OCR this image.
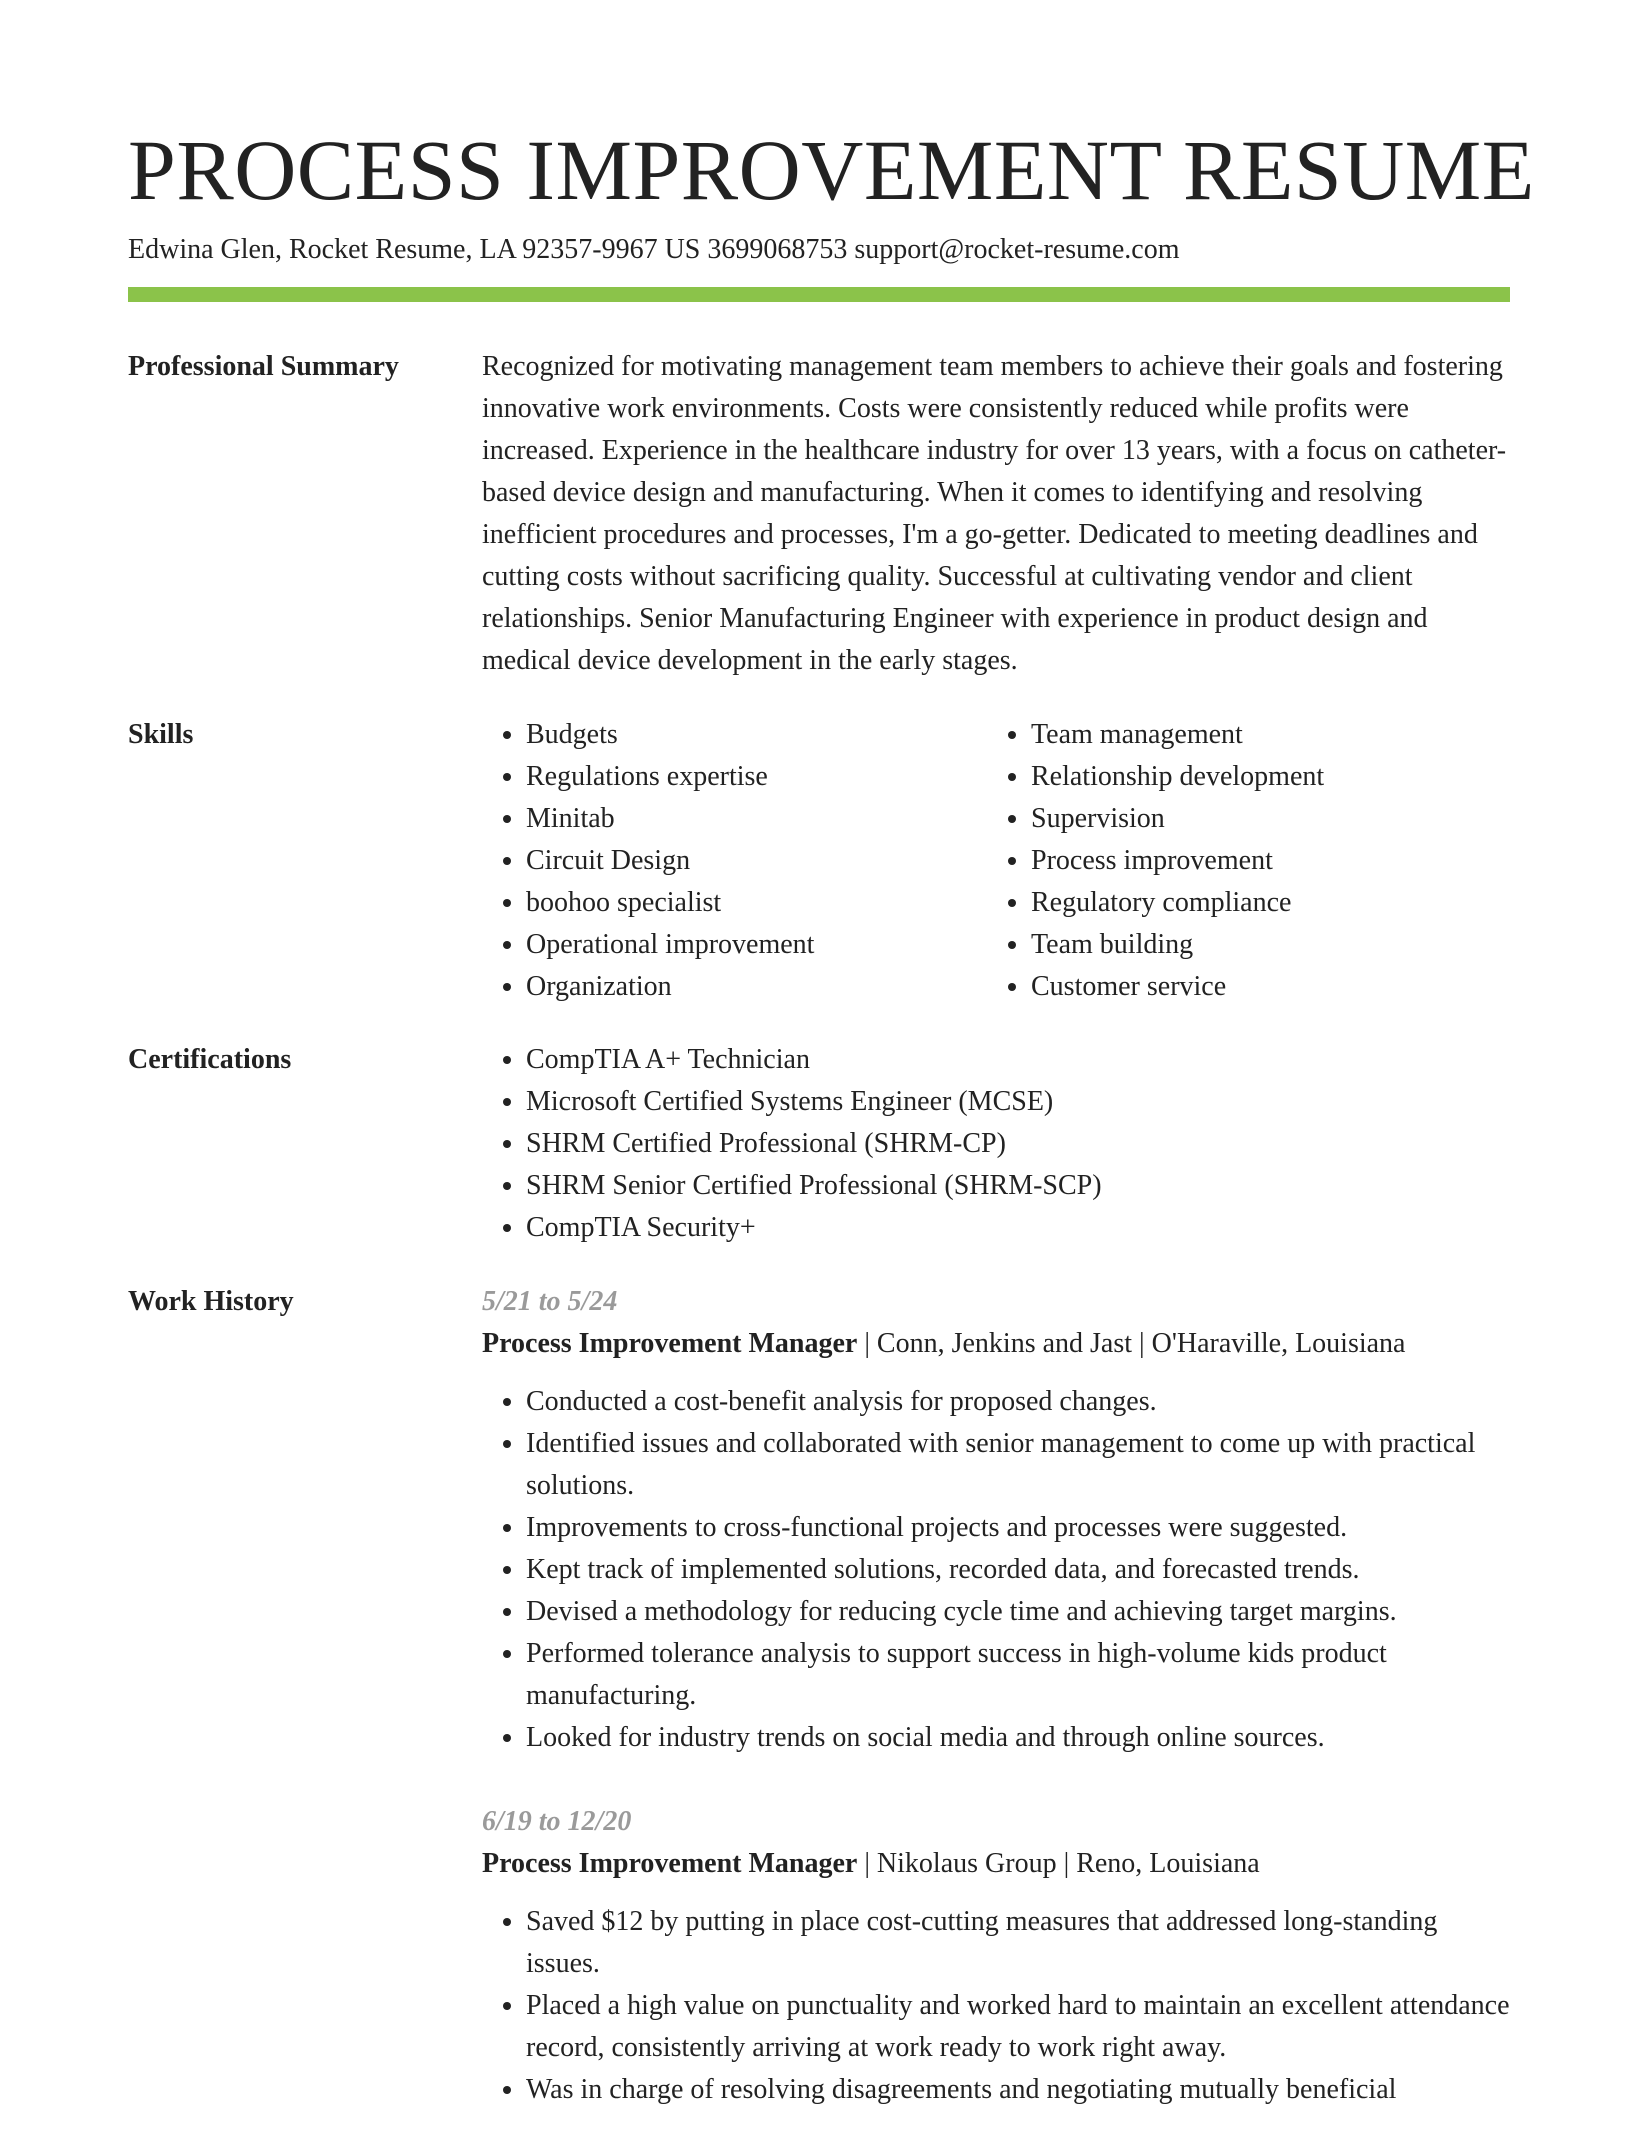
PROCESS IMPROVEMENT RESUME
Edwina Glen, Rocket Resume, LA 92357-9967 US 3699068753 support@rocket-resume.com
Professional Summary	Recognized for motivating management team members to achieve their goals and fostering innovative work environments. Costs were consistently reduced while profits were increased. Experience in the healthcare industry for over 13 years, with a focus on catheter-based device design and manufacturing. When it comes to identifying and resolving inefficient procedures and processes, I'm a go-getter. Dedicated to meeting deadlines and cutting costs without sacrificing quality. Successful at cultivating vendor and client relationships. Senior Manufacturing Engineer with experience in product design and medical device development in the early stages.

Skills	• Budgets
• Regulations expertise
• Minitab
• Circuit Design
• boohoo specialist
• Operational improvement
• Organization
• Team management
• Relationship development
• Supervision
• Process improvement
• Regulatory compliance
• Team building
• Customer service
Certifications	• CompTIA A+ Technician
• Microsoft Certified Systems Engineer (MCSE)
• SHRM Certified Professional (SHRM-CP)
• SHRM Senior Certified Professional (SHRM-SCP)
• CompTIA Security+
Work History	5/21 to 5/24
Process Improvement Manager | Conn, Jenkins and Jast | O'Haraville, Louisiana
• Conducted a cost-benefit analysis for proposed changes.
• Identified issues and collaborated with senior management to come up with practical solutions.
• Improvements to cross-functional projects and processes were suggested.
• Kept track of implemented solutions, recorded data, and forecasted trends.
• Devised a methodology for reducing cycle time and achieving target margins.
• Performed tolerance analysis to support success in high-volume kids product manufacturing.
• Looked for industry trends on social media and through online sources.
6/19 to 12/20
Process Improvement Manager | Nikolaus Group | Reno, Louisiana
• Saved $12 by putting in place cost-cutting measures that addressed long-standing issues.
• Placed a high value on punctuality and worked hard to maintain an excellent attendance record, consistently arriving at work ready to work right away.
• Was in charge of resolving disagreements and negotiating mutually beneficial
